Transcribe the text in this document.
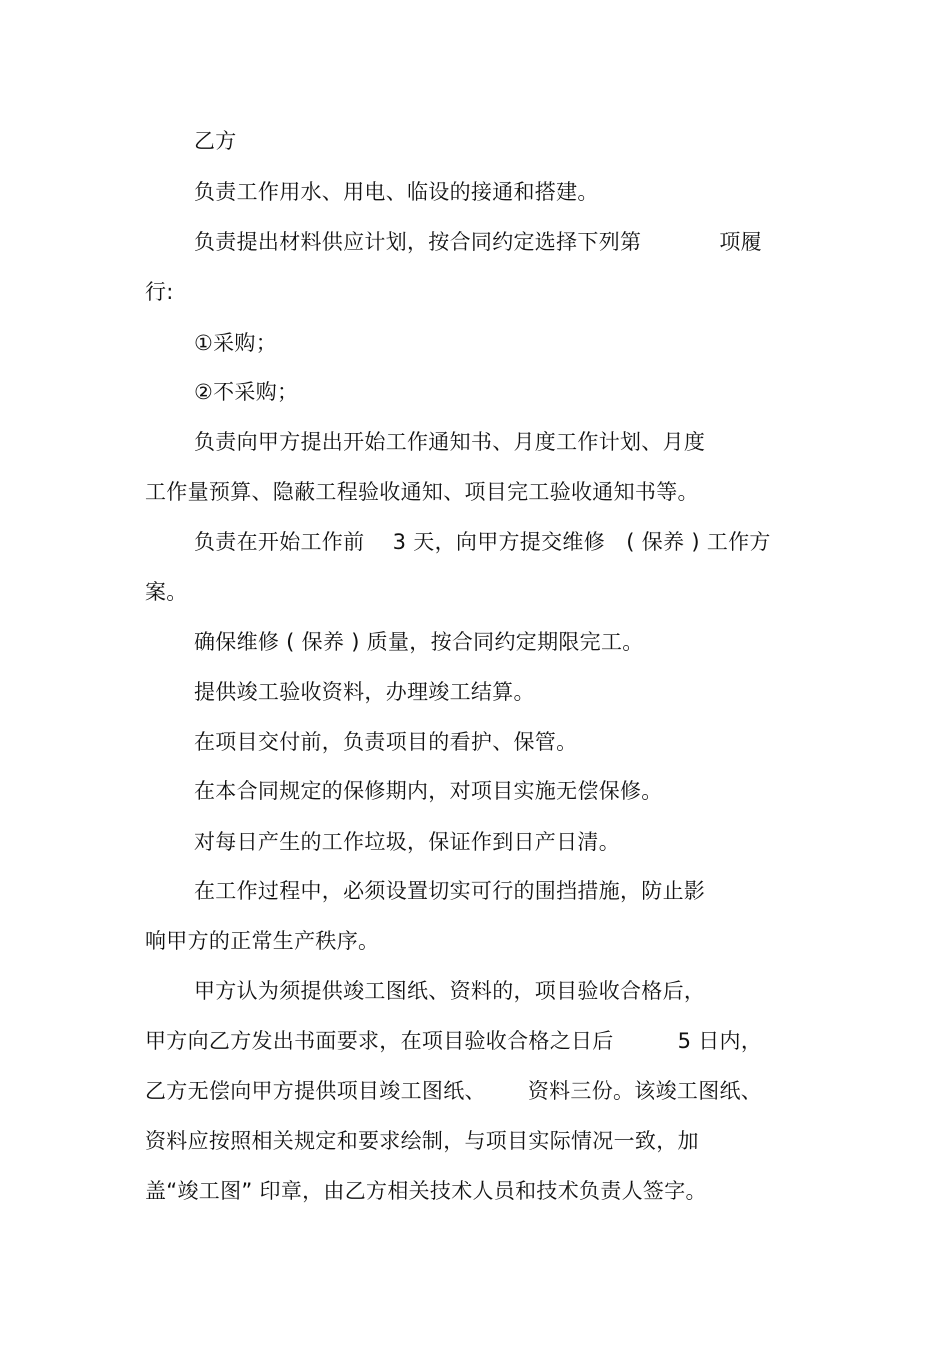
乙方
负责工作用水、用电、临设的接通和搭建。
负责提出材料供应计划，按合同约定选择下列第	项履
行:
①采购；
②不采购；
负责向甲方提出开始工作通知书、月度工作计划、月度
工作量预算、隐蔽工程验收通知、项目完工验收通知书等。
负责在开始工作前　 3 天，向甲方提交维修　( 保养 ) 工作方
案。
确保维修 ( 保养 ) 质量，按合同约定期限完工。
提供竣工验收资料，办理竣工结算。
在项目交付前，负责项目的看护、保管。
在本合同规定的保修期内，对项目实施无偿保修。
对每日产生的工作垃圾，保证作到日产日清。
在工作过程中，必须设置切实可行的围挡措施，防止影
响甲方的正常生产秩序。
甲方认为须提供竣工图纸、资料的，项目验收合格后，
甲方向乙方发出书面要求，在项目验收合格之日后	5 日内，
乙方无偿向甲方提供项目竣工图纸、 资料三份。该竣工图纸、
资料应按照相关规定和要求绘制，与项目实际情况一致，加
盖“竣工图” 印章，由乙方相关技术人员和技术负责人签字。
